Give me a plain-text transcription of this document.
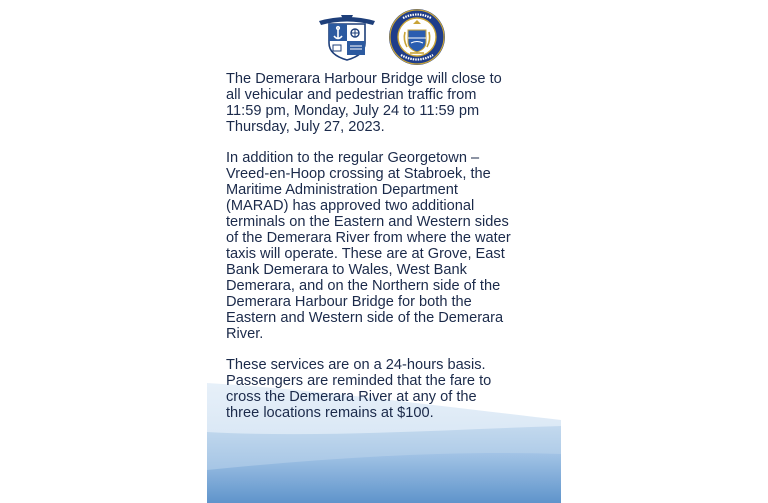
The Demerara Harbour Bridge will close to
all vehicular and pedestrian traffic from
11:59 pm, Monday, July 24 to 11:59 pm
Thursday, July 27, 2023.

In addition to the regular Georgetown –
Vreed-en-Hoop crossing at Stabroek, the
Maritime Administration Department
(MARAD) has approved two additional
terminals on the Eastern and Western sides
of the Demerara River from where the water
taxis will operate. These are at Grove, East
Bank Demerara to Wales, West Bank
Demerara, and on the Northern side of the
Demerara Harbour Bridge for both the
Eastern and Western side of the Demerara
River.

These services are on a 24-hours basis.
Passengers are reminded that the fare to
cross the Demerara River at any of the
three locations remains at $100.
